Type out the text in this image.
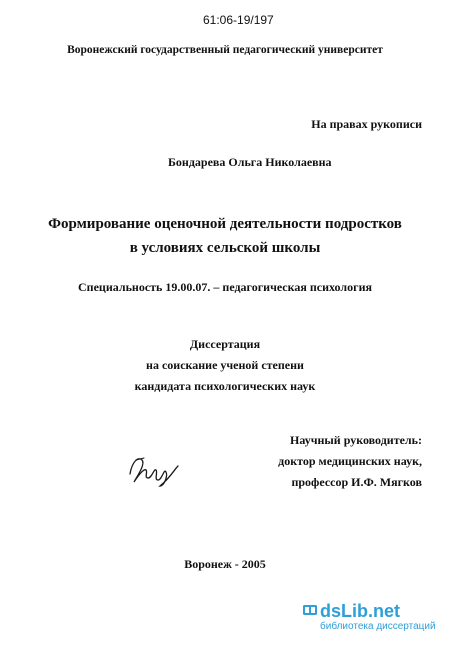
61:06-19/197
Воронежский государственный педагогический университет
На правах рукописи
Бондарева Ольга Николаевна
Формирование оценочной деятельности подростков
в условиях сельской школы
Специальность 19.00.07. – педагогическая психология
Диссертация
на соискание ученой степени
кандидата психологических наук
Научный руководитель:
доктор медицинских наук,
профессор И.Ф. Мягков
Воронеж - 2005
dsLib.net
библиотека диссертаций
